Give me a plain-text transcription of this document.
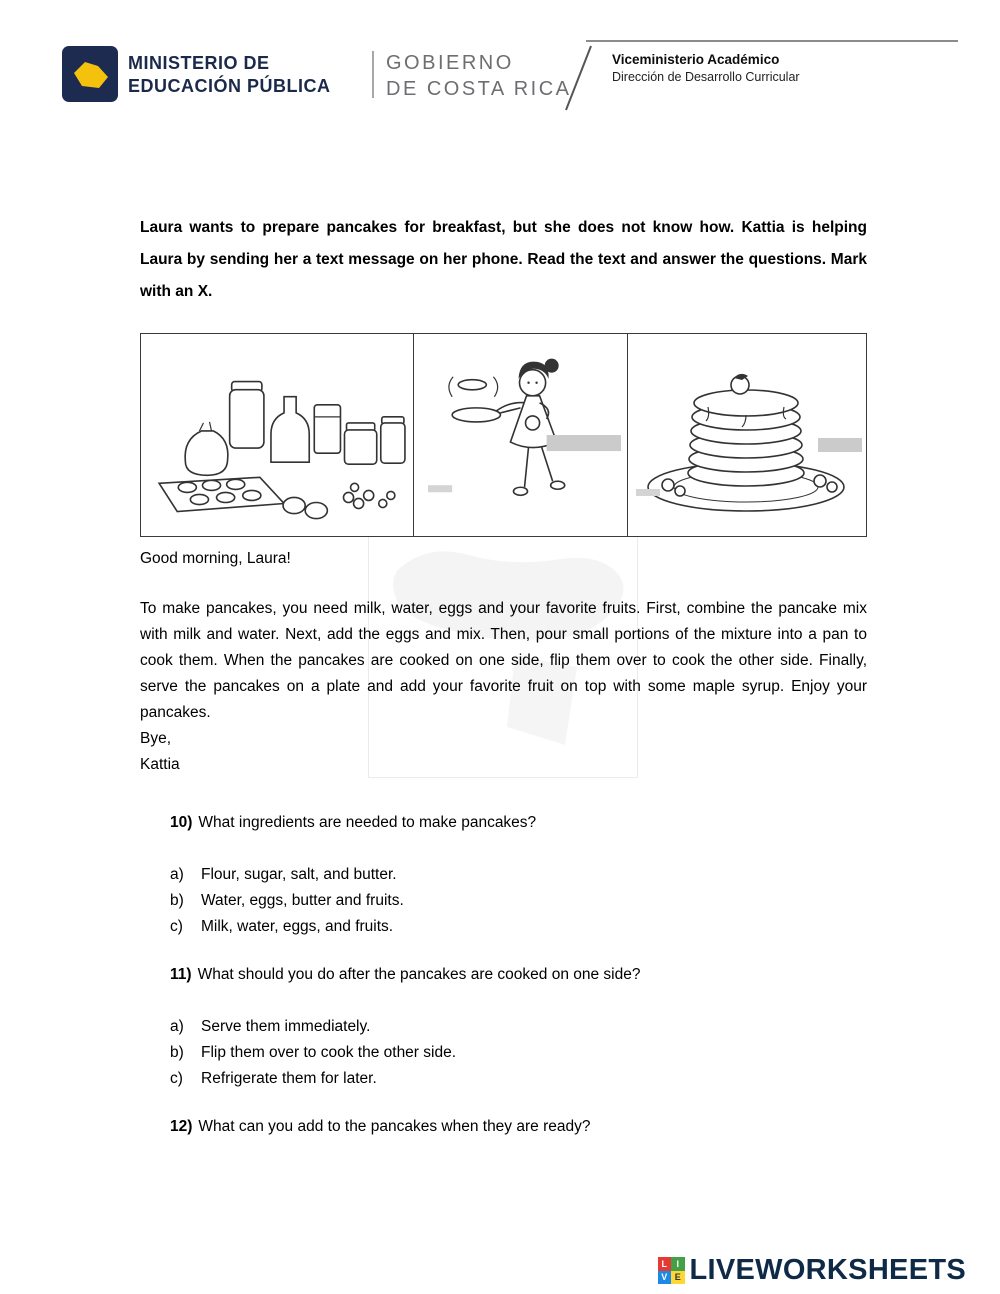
MINISTERIO DE
EDUCACIÓN PÚBLICA
GOBIERNO
DE COSTA RICA
Viceministerio Académico
Dirección de Desarrollo Curricular
Laura wants to prepare pancakes for breakfast, but she does not know how. Kattia is helping Laura by sending her a text message on her phone. Read the text and answer the questions. Mark with an X.
Good morning, Laura!
To make pancakes, you need milk, water, eggs and your favorite fruits. First, combine the pancake mix with milk and water. Next, add the eggs and mix. Then, pour small portions of the mixture into a pan to cook them. When the pancakes are cooked on one side, flip them over to cook the other side. Finally, serve the pancakes on a plate and add your favorite fruit on top with some maple syrup. Enjoy your pancakes.
Bye,
Kattia
10) What ingredients are needed to make pancakes?
a)	Flour, sugar, salt, and butter.
b)	Water, eggs, butter and fruits.
c)	Milk, water, eggs, and fruits.
11) What should you do after the pancakes are cooked on one side?
a)	Serve them immediately.
b)	Flip them over to cook the other side.
c)	Refrigerate them for later.
12) What can you add to the pancakes when they are ready?
L	I
V E LIVEWORKSHEETS
